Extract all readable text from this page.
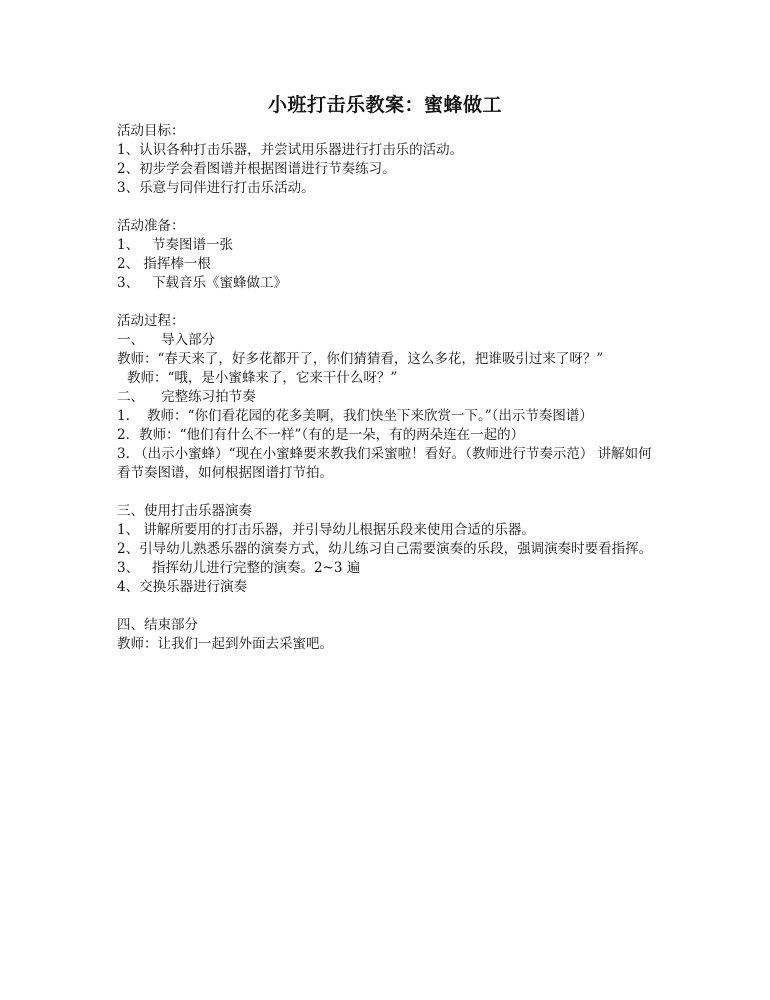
小班打击乐教案：蜜蜂做工

活动目标：

1、认识各种打击乐器，并尝试用乐器进行打击乐的活动。

2、初步学会看图谱并根据图谱进行节奏练习。

3、乐意与同伴进行打击乐活动。

活动准备：

1、   节奏图谱一张

2、 指挥棒一根

3、   下载音乐《蜜蜂做工》

活动过程：

一、    导入部分

教师：“春天来了，好多花都开了，你们猜猜看，这么多花，把谁吸引过来了呀？”

教师：“哦，是小蜜蜂来了，它来干什么呀？”

二、    完整练习拍节奏

1.    教师：“你们看花园的花多美啊，我们快坐下来欣赏一下。”（出示节奏图谱）

2．教师：“他们有什么不一样”（有的是一朵，有的两朵连在一起的）

3. （出示小蜜蜂）“现在小蜜蜂要来教我们采蜜啦！看好。（教师进行节奏示范） 讲解如何看节奏图谱，如何根据图谱打节拍。

三、使用打击乐器演奏

1、 讲解所要用的打击乐器，并引导幼儿根据乐段来使用合适的乐器。

2、引导幼儿熟悉乐器的演奏方式，幼儿练习自己需要演奏的乐段，强调演奏时要看指挥。

3、   指挥幼儿进行完整的演奏。2~3 遍

4、交换乐器进行演奏

四、结束部分

教师：让我们一起到外面去采蜜吧。
